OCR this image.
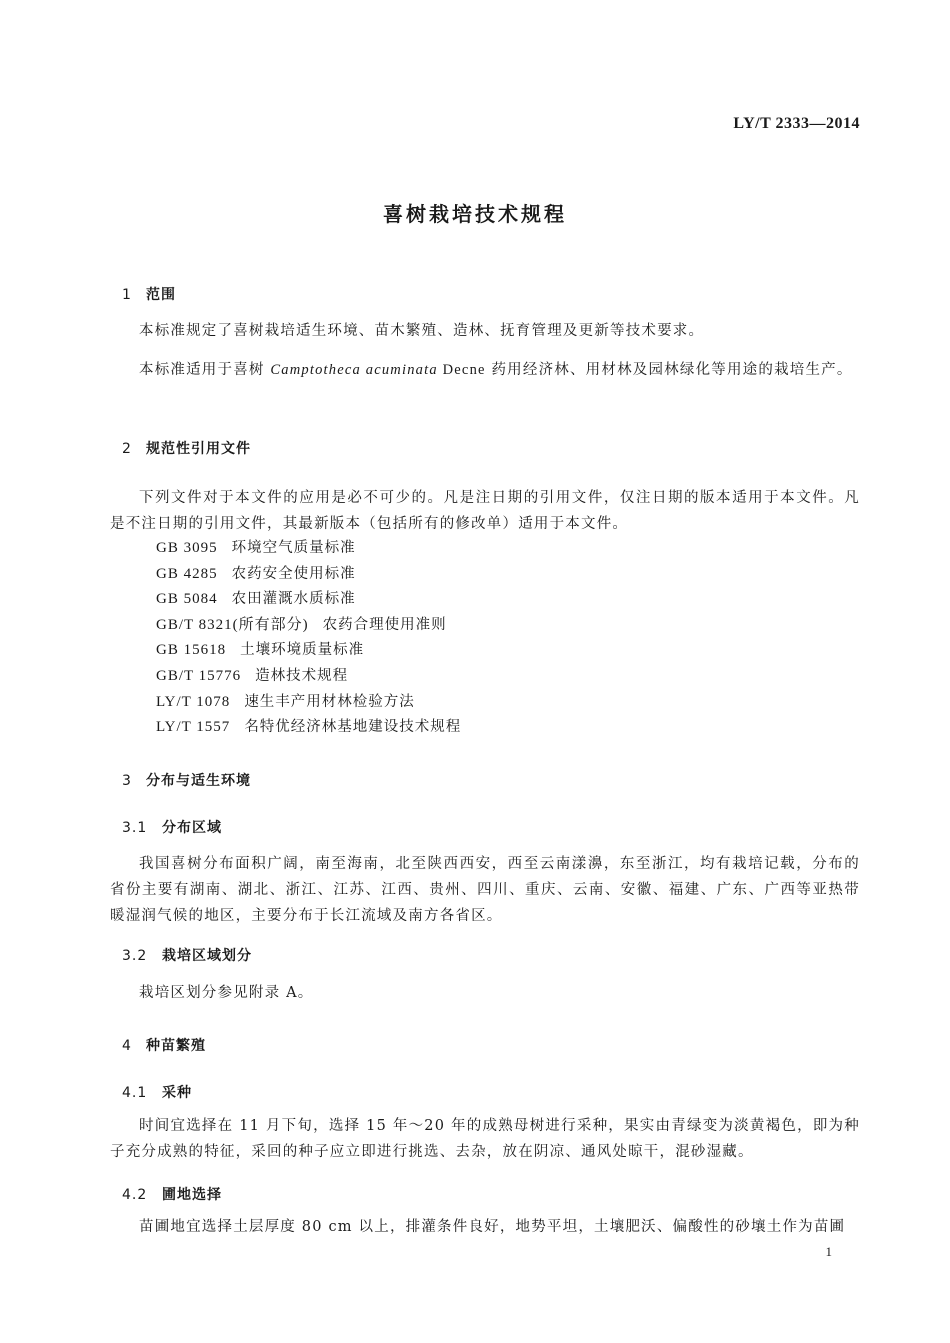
LY/T 2333—2014
喜树栽培技术规程
1 范围

本标准规定了喜树栽培适生环境、苗木繁殖、造林、抚育管理及更新等技术要求。

本标准适用于喜树 Camptotheca acuminata Decne 药用经济林、用材林及园林绿化等用途的栽培生产。

2 规范性引用文件

下列文件对于本文件的应用是必不可少的。凡是注日期的引用文件，仅注日期的版本适用于本文件。凡是不注日期的引用文件，其最新版本（包括所有的修改单）适用于本文件。

GB 3095 环境空气质量标准
GB 4285 农药安全使用标准
GB 5084 农田灌溉水质标准
GB/T 8321(所有部分) 农药合理使用准则
GB 15618 土壤环境质量标准
GB/T 15776 造林技术规程
LY/T 1078 速生丰产用材林检验方法
LY/T 1557 名特优经济林基地建设技术规程
3 分布与适生环境
3.1 分布区域

我国喜树分布面积广阔，南至海南，北至陕西西安，西至云南漾濞，东至浙江，均有栽培记载，分布的省份主要有湖南、湖北、浙江、江苏、江西、贵州、四川、重庆、云南、安徽、福建、广东、广西等亚热带暖湿润气候的地区，主要分布于长江流域及南方各省区。

3.2 栽培区域划分

栽培区划分参见附录 A。

4 种苗繁殖
4.1 采种

时间宜选择在 11 月下旬，选择 15 年～20 年的成熟母树进行采种，果实由青绿变为淡黄褐色，即为种子充分成熟的特征，采回的种子应立即进行挑选、去杂，放在阴凉、通风处晾干，混砂湿藏。

4.2 圃地选择

苗圃地宜选择土层厚度 80 cm 以上，排灌条件良好，地势平坦，土壤肥沃、偏酸性的砂壤土作为苗圃

1
